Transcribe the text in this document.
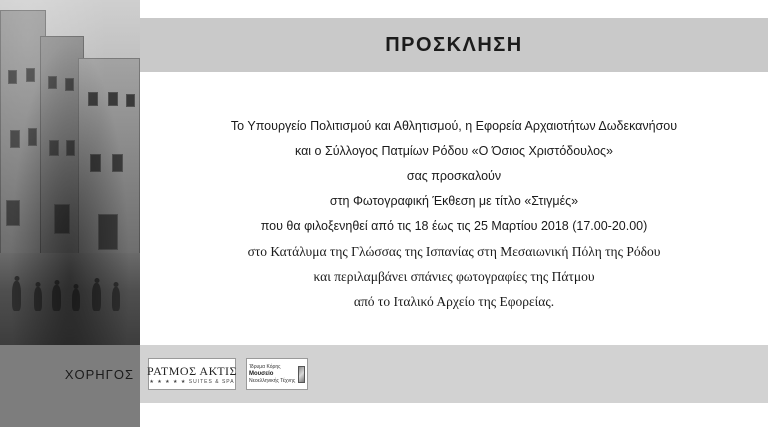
ΠΡΟΣΚΛΗΣΗ
Το Υπουργείο Πολιτισμού και Αθλητισμού, η Εφορεία Αρχαιοτήτων Δωδεκανήσου
και ο Σύλλογος Πατμίων Ρόδου «Ο Όσιος Χριστόδουλος»
σας προσκαλούν
στη Φωτογραφική Έκθεση με τίτλο «Στιγμές»
που θα φιλοξενηθεί από τις 18 έως τις 25 Μαρτίου 2018 (17.00-20.00)
στο Κατάλυμα της Γλώσσας της Ισπανίας στη Μεσαιωνική Πόλη της Ρόδου
και περιλαμβάνει σπάνιες φωτογραφίες της Πάτμου
από το Ιταλικό Αρχείο της Εφορείας.
ΧΟΡΗΓΟΣ	ΡΑΤΜΟΣ ΑΚΤΙΣ
★ ★ ★ ★ ★ SUITES & SPA
Ίδρυμα Κόρης
Μουσείο
Νεοελληνικής Τέχνης
